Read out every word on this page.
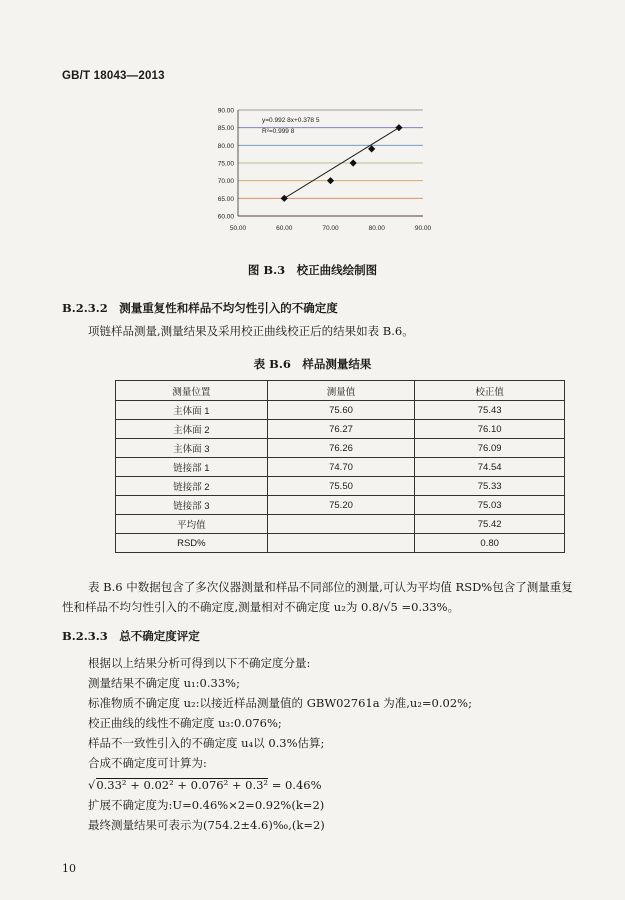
GB/T 18043—2013
60.00
65.00
70.00
75.00
80.00
85.00
90.00
50.00	60.00	70.00	80.00	90.00
y=0.992 8x+0.378 5
R²=0.999 8
图 B.3　校正曲线绘制图
B.2.3.2　测量重复性和样品不均匀性引入的不确定度
项链样品测量,测量结果及采用校正曲线校正后的结果如表 B.6。
表 B.6　样品测量结果
测量位置	测量值	校正值
主体面 1	75.60	75.43
主体面 2	76.27	76.10
主体面 3	76.26	76.09
链接部 1	74.70	74.54
链接部 2	75.50	75.33
链接部 3	75.20	75.03
平均值		75.42
RSD%		0.80
表 B.6 中数据包含了多次仪器测量和样品不同部位的测量,可认为平均值 RSD%包含了测量重复
性和样品不均匀性引入的不确定度,测量相对不确定度 u₂为 0.8/√5 =0.33%。
B.2.3.3　总不确定度评定
根据以上结果分析可得到以下不确定度分量:
测量结果不确定度 u₁:0.33%;
标准物质不确定度 u₂:以接近样品测量值的 GBW02761a 为准,u₂=0.02%;
校正曲线的线性不确定度 u₃:0.076%;
样品不一致性引入的不确定度 u₄以 0.3%估算;
合成不确定度可计算为:
√0.33² + 0.02² + 0.076² + 0.3² = 0.46%
扩展不确定度为:U=0.46%×2=0.92%(k=2)
最终测量结果可表示为(754.2±4.6)‰,(k=2)
10
